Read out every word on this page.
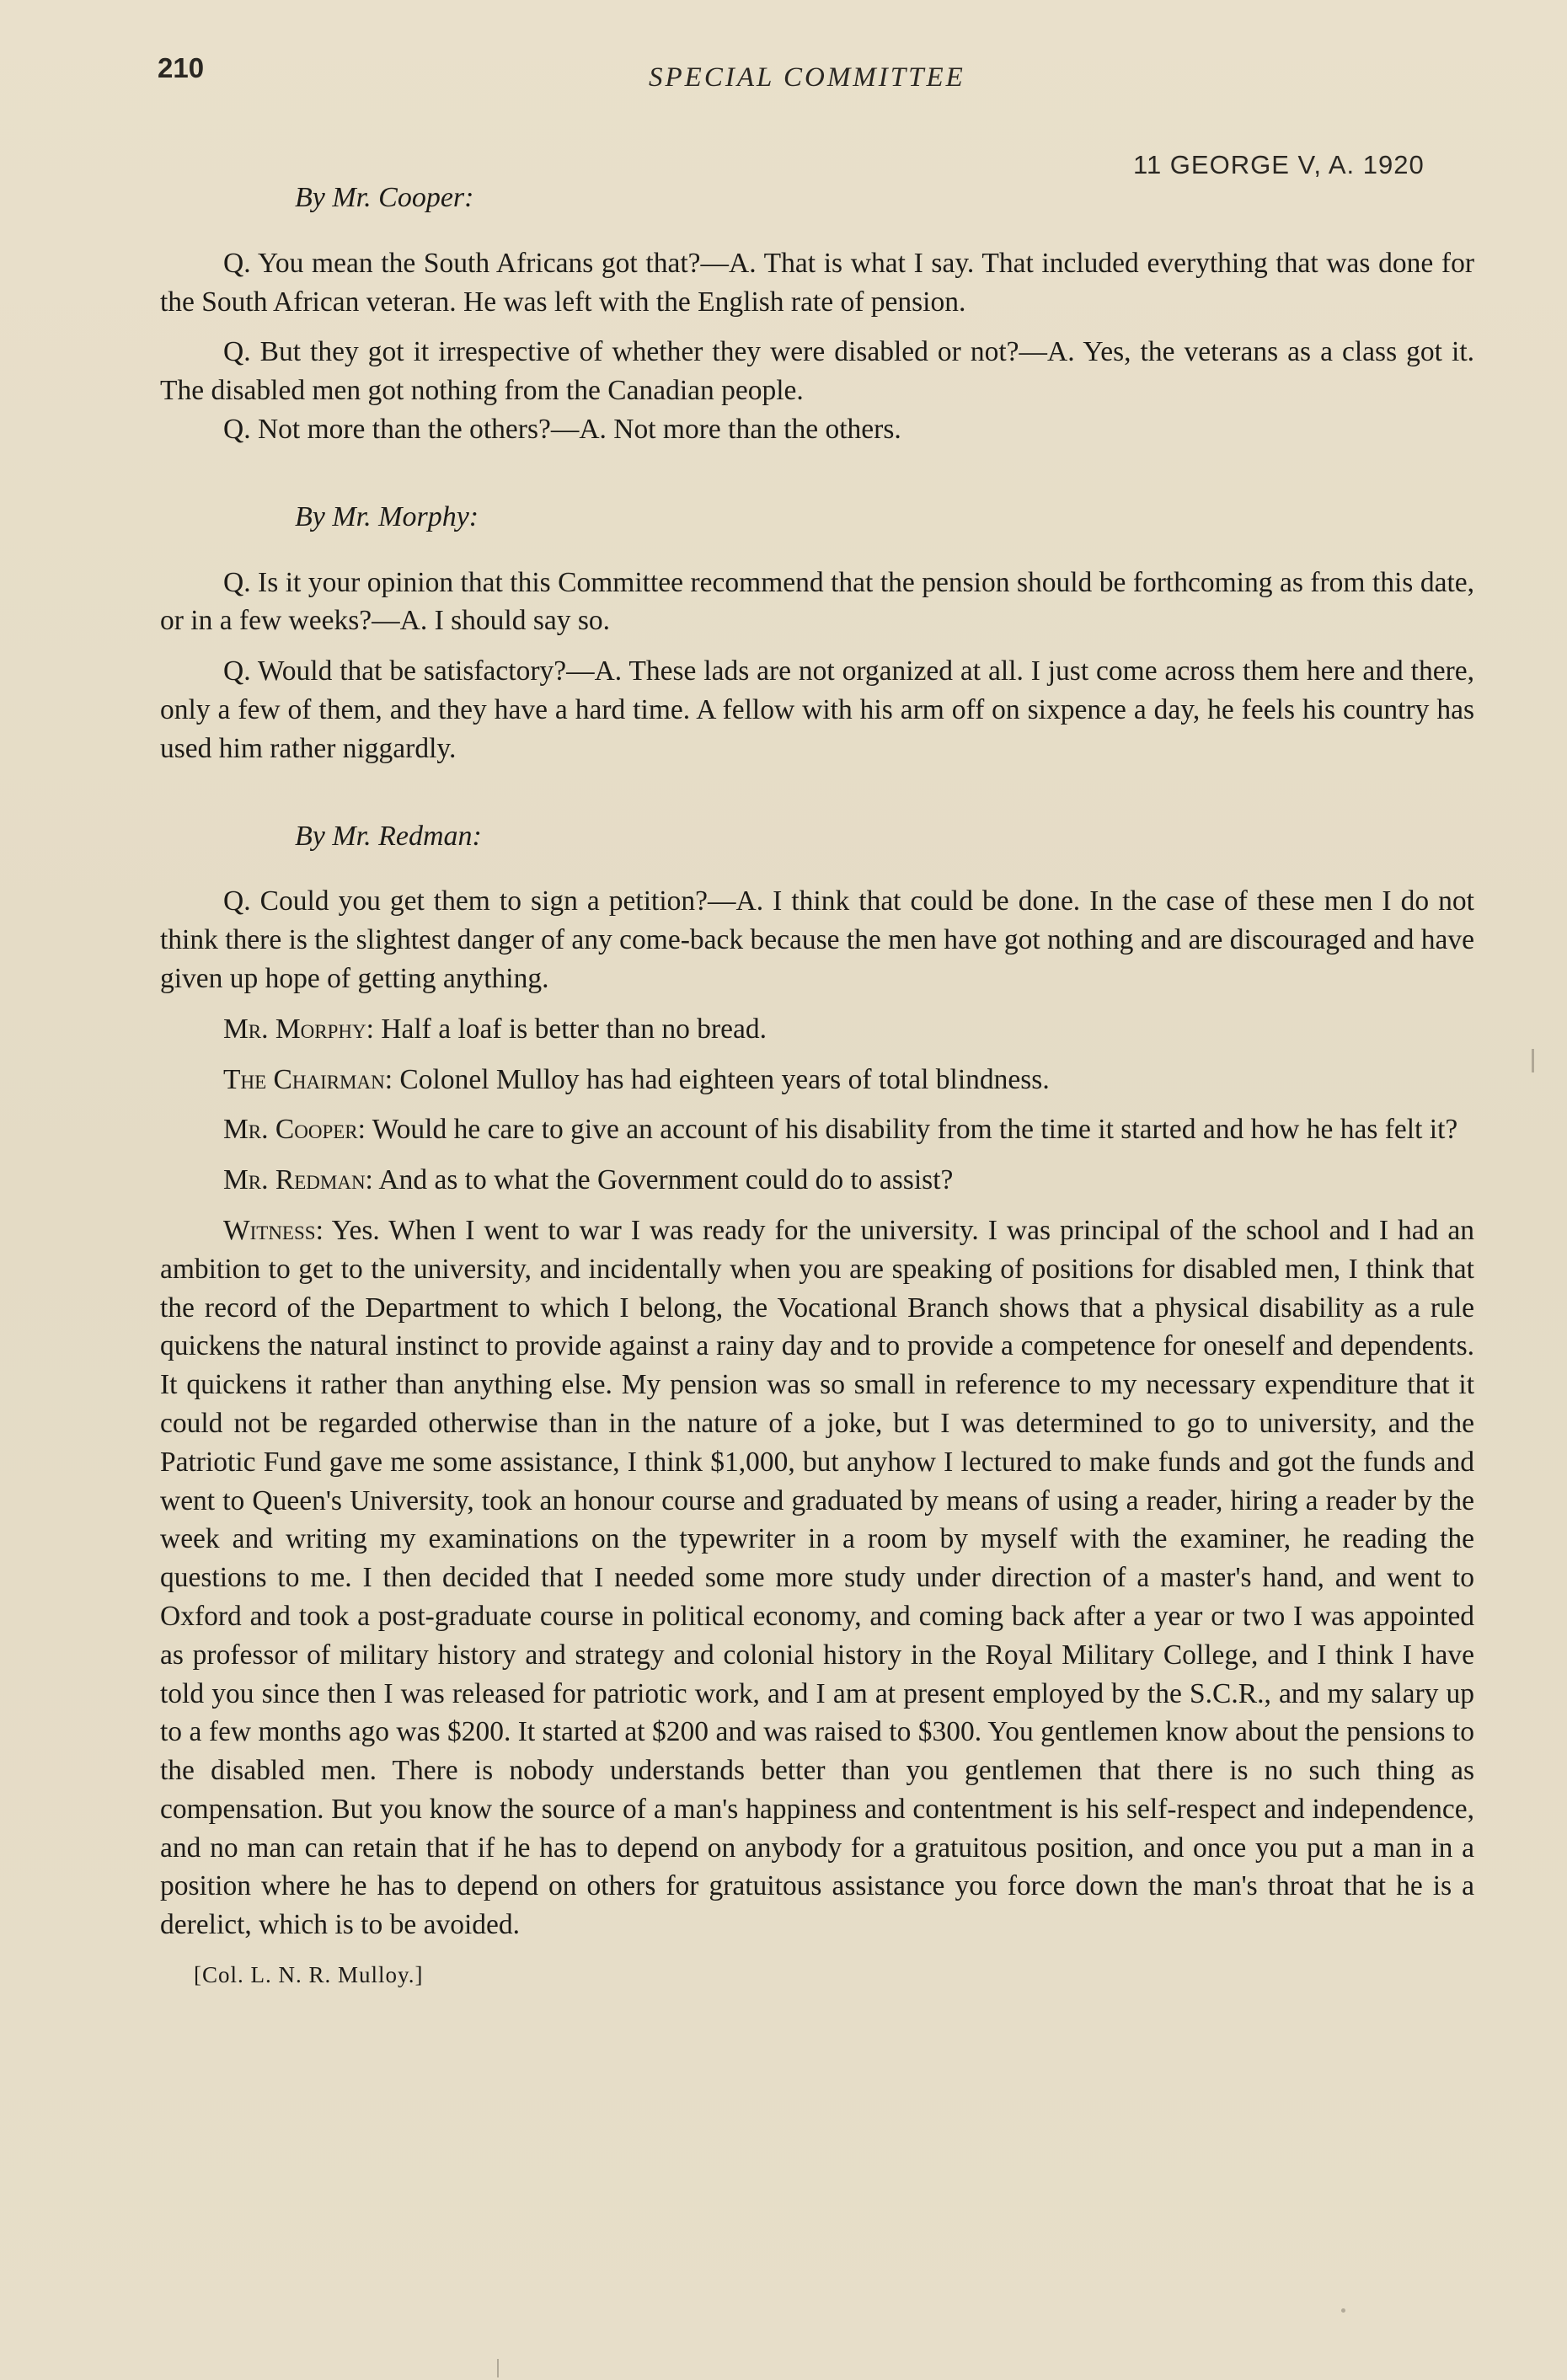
210	SPECIAL COMMITTEE
11 GEORGE V, A. 1920
By Mr. Cooper:

Q. You mean the South Africans got that?—A. That is what I say. That included everything that was done for the South African veteran. He was left with the English rate of pension.

Q. But they got it irrespective of whether they were disabled or not?—A. Yes, the veterans as a class got it. The disabled men got nothing from the Canadian people.

Q. Not more than the others?—A. Not more than the others.

By Mr. Morphy:

Q. Is it your opinion that this Committee recommend that the pension should be forthcoming as from this date, or in a few weeks?—A. I should say so.

Q. Would that be satisfactory?—A. These lads are not organized at all. I just come across them here and there, only a few of them, and they have a hard time. A fellow with his arm off on sixpence a day, he feels his country has used him rather niggardly.

By Mr. Redman:

Q. Could you get them to sign a petition?—A. I think that could be done. In the case of these men I do not think there is the slightest danger of any come-back because the men have got nothing and are discouraged and have given up hope of getting anything.

Mr. Morphy: Half a loaf is better than no bread.

The Chairman: Colonel Mulloy has had eighteen years of total blindness.

Mr. Cooper: Would he care to give an account of his disability from the time it started and how he has felt it?

Mr. Redman: And as to what the Government could do to assist?

Witness: Yes. When I went to war I was ready for the university. I was principal of the school and I had an ambition to get to the university, and incidentally when you are speaking of positions for disabled men, I think that the record of the Department to which I belong, the Vocational Branch shows that a physical disability as a rule quickens the natural instinct to provide against a rainy day and to provide a competence for oneself and dependents. It quickens it rather than anything else. My pension was so small in reference to my necessary expenditure that it could not be regarded otherwise than in the nature of a joke, but I was determined to go to university, and the Patriotic Fund gave me some assistance, I think $1,000, but anyhow I lectured to make funds and got the funds and went to Queen's University, took an honour course and graduated by means of using a reader, hiring a reader by the week and writing my examinations on the typewriter in a room by myself with the examiner, he reading the questions to me. I then decided that I needed some more study under direction of a master's hand, and went to Oxford and took a post-graduate course in political economy, and coming back after a year or two I was appointed as professor of military history and strategy and colonial history in the Royal Military College, and I think I have told you since then I was released for patriotic work, and I am at present employed by the S.C.R., and my salary up to a few months ago was $200. It started at $200 and was raised to $300. You gentlemen know about the pensions to the disabled men. There is nobody understands better than you gentlemen that there is no such thing as compensation. But you know the source of a man's happiness and contentment is his self-respect and independence, and no man can retain that if he has to depend on anybody for a gratuitous position, and once you put a man in a position where he has to depend on others for gratuitous assistance you force down the man's throat that he is a derelict, which is to be avoided.

[Col. L. N. R. Mulloy.]
